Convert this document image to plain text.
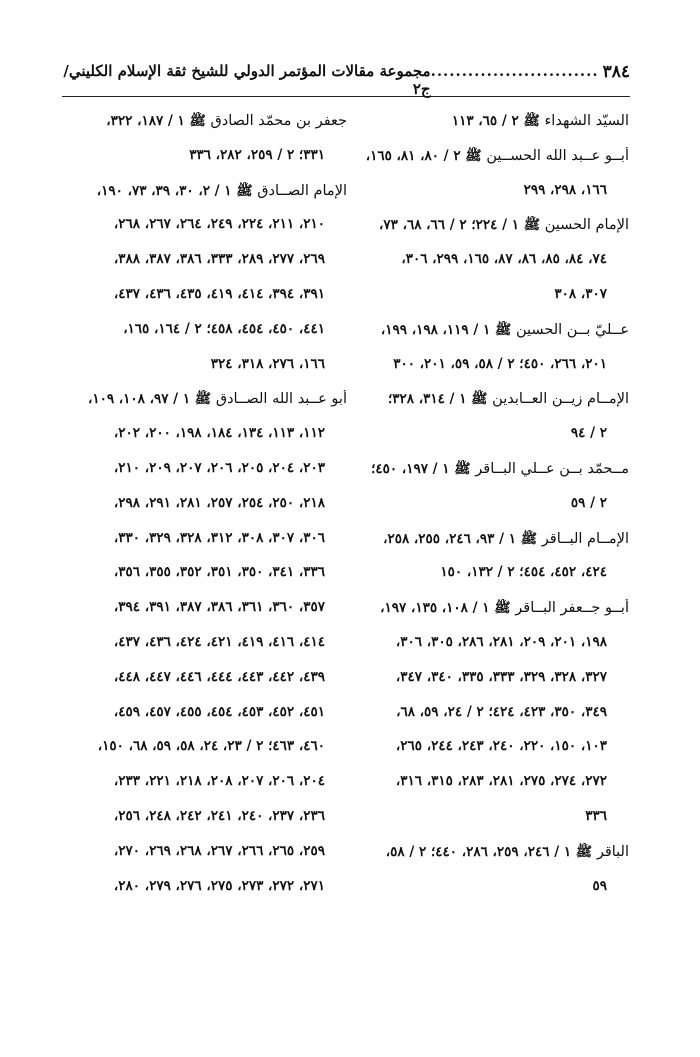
٣٨٤
...........................
مجموعة مقالات المؤتمر الدولي للشيخ ثقة الإسلام الكليني/ج٢
السيّد الشهداء ﷺ ٢ / ٦٥، ١١٣
أبــو عــبد الله الحســين ﷺ ٢ / ٨٠، ٨١، ١٦٥،
١٦٦، ٢٩٨، ٢٩٩
الإمام الحسين ﷺ ١ / ٢٢٤؛ ٢ / ٦٦، ٦٨، ٧٣،
٧٤، ٨٤، ٨٥، ٨٦، ٨٧، ١٦٥، ٢٩٩، ٣٠٦،
٣٠٧، ٣٠٨
عــليّ بــن الحسين ﷺ ١ / ١١٩، ١٩٨، ١٩٩،
٢٠١، ٢٦٦، ٤٥٠؛ ٢ / ٥٨، ٥٩، ٢٠١، ٣٠٠
الإمــام زيــن العــابدين ﷺ ١ / ٣١٤، ٣٢٨؛
٢ / ٩٤
مــحمّد بــن عــلي البــاقر ﷺ ١ / ١٩٧، ٤٥٠؛
٢ / ٥٩
الإمــام البــاقر ﷺ ١ / ٩٣، ٢٤٦، ٢٥٥، ٢٥٨،
٤٢٤، ٤٥٢، ٤٥٤؛ ٢ / ١٣٢، ١٥٠
أبــو جــعفر البــاقر ﷺ ١ / ١٠٨، ١٣٥، ١٩٧،
١٩٨، ٢٠١، ٢٠٩، ٢٨١، ٢٨٦، ٣٠٥، ٣٠٦،
٣٢٧، ٣٢٨، ٣٢٩، ٣٣٣، ٣٣٥، ٣٤٠، ٣٤٧،
٣٤٩، ٣٥٠، ٤٢٣، ٤٢٤؛ ٢ / ٢٤، ٥٩، ٦٨،
١٠٣، ١٥٠، ٢٢٠، ٢٤٠، ٢٤٣، ٢٤٤، ٢٦٥،
٢٧٢، ٢٧٤، ٢٧٥، ٢٨١، ٢٨٣، ٣١٥، ٣١٦،
٣٣٦
الباقر ﷺ ١ / ٢٤٦، ٢٥٩، ٢٨٦، ٤٤٠؛ ٢ / ٥٨،
٥٩
جعفر بن محمّد الصادق ﷺ ١ / ١٨٧، ٣٢٢،
٣٣١؛ ٢ / ٢٥٩، ٢٨٢، ٣٣٦
الإمام الصــادق ﷺ ١ / ٢، ٣٠، ٣٩، ٧٣، ١٩٠،
٢١٠، ٢١١، ٢٢٤، ٢٤٩، ٢٦٤، ٢٦٧، ٢٦٨،
٢٦٩، ٢٧٧، ٢٨٩، ٣٣٣، ٣٨٦، ٣٨٧، ٣٨٨،
٣٩١، ٣٩٤، ٤١٤، ٤١٩، ٤٣٥، ٤٣٦، ٤٣٧،
٤٤١، ٤٥٠، ٤٥٤، ٤٥٨؛ ٢ / ١٦٤، ١٦٥،
١٦٦، ٢٧٦، ٣١٨، ٣٢٤
أبو عــبد الله الصــادق ﷺ ١ / ٩٧، ١٠٨، ١٠٩،
١١٢، ١١٣، ١٣٤، ١٨٤، ١٩٨، ٢٠٠، ٢٠٢،
٢٠٣، ٢٠٤، ٢٠٥، ٢٠٦، ٢٠٧، ٢٠٩، ٢١٠،
٢١٨، ٢٥٠، ٢٥٤، ٢٥٧، ٢٨١، ٢٩١، ٢٩٨،
٣٠٦، ٣٠٧، ٣٠٨، ٣١٢، ٣٢٨، ٣٢٩، ٣٣٠،
٣٣٦، ٣٤١، ٣٥٠، ٣٥١، ٣٥٢، ٣٥٥، ٣٥٦،
٣٥٧، ٣٦٠، ٣٦١، ٣٨٦، ٣٨٧، ٣٩١، ٣٩٤،
٤١٤، ٤١٦، ٤١٩، ٤٢١، ٤٢٤، ٤٣٦، ٤٣٧،
٤٣٩، ٤٤٢، ٤٤٣، ٤٤٤، ٤٤٦، ٤٤٧، ٤٤٨،
٤٥١، ٤٥٢، ٤٥٣، ٤٥٤، ٤٥٥، ٤٥٧، ٤٥٩،
٤٦٠، ٤٦٣؛ ٢ / ٢٣، ٢٤، ٥٨، ٥٩، ٦٨، ١٥٠،
٢٠٤، ٢٠٦، ٢٠٧، ٢٠٨، ٢١٨، ٢٢١، ٢٣٣،
٢٣٦، ٢٣٧، ٢٤٠، ٢٤١، ٢٤٢، ٢٤٨، ٢٥٦،
٢٥٩، ٢٦٥، ٢٦٦، ٢٦٧، ٢٦٨، ٢٦٩، ٢٧٠،
٢٧١، ٢٧٢، ٢٧٣، ٢٧٥، ٢٧٦، ٢٧٩، ٢٨٠،
